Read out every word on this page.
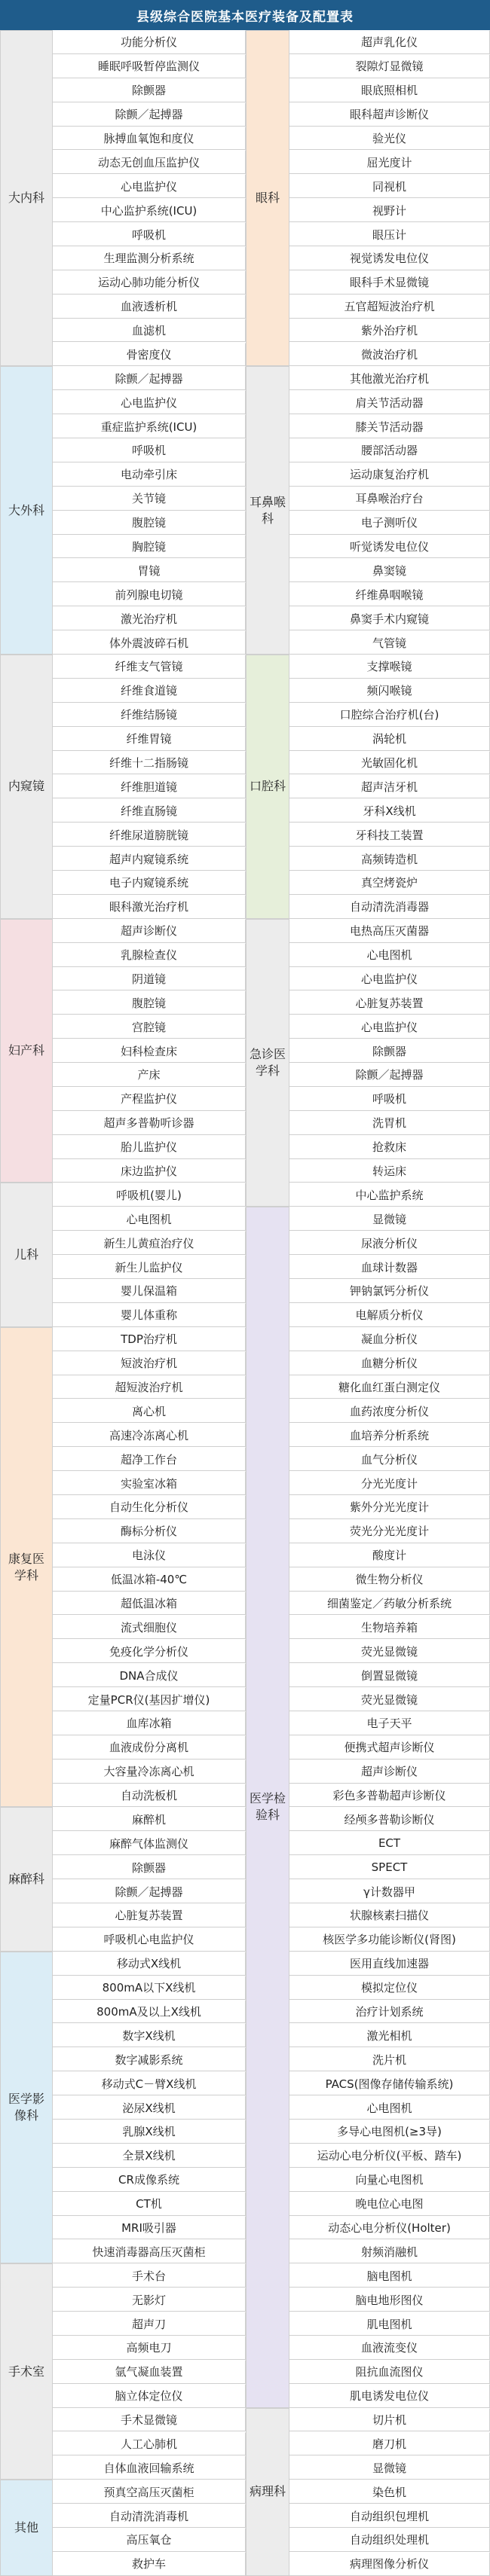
县级综合医院基本医疗装备及配置表
大内科
功能分析仪
睡眠呼吸暂停监测仪
除颤器
除颤／起搏器
脉搏血氧饱和度仪
动态无创血压监护仪
心电监护仪
中心监护系统(ICU)
呼吸机
生理监测分析系统
运动心肺功能分析仪
血液透析机
血滤机
骨密度仪
大外科
除颤／起搏器
心电监护仪
重症监护系统(ICU)
呼吸机
电动牵引床
关节镜
腹腔镜
胸腔镜
胃镜
前列腺电切镜
激光治疗机
体外震波碎石机
内窥镜
纤维支气管镜
纤维食道镜
纤维结肠镜
纤维胃镜
纤维十二指肠镜
纤维胆道镜
纤维直肠镜
纤维尿道膀胱镜
超声内窥镜系统
电子内窥镜系统
眼科激光治疗机
妇产科
超声诊断仪
乳腺检查仪
阴道镜
腹腔镜
宫腔镜
妇科检查床
产床
产程监护仪
超声多普勒听诊器
胎儿监护仪
床边监护仪
儿科
呼吸机(婴儿)
心电图机
新生儿黄疸治疗仪
新生儿监护仪
婴儿保温箱
婴儿体重称
康复医学科
TDP治疗机
短波治疗机
超短波治疗机
离心机
高速冷冻离心机
超净工作台
实验室冰箱
自动生化分析仪
酶标分析仪
电泳仪
低温冰箱-40℃
超低温冰箱
流式细胞仪
免疫化学分析仪
DNA合成仪
定量PCR仪(基因扩增仪)
血库冰箱
血液成份分离机
大容量冷冻离心机
自动洗板机
麻醉科
麻醉机
麻醉气体监测仪
除颤器
除颤／起搏器
心脏复苏装置
呼吸机心电监护仪
医学影像科
移动式X线机
800mA以下X线机
800mA及以上X线机
数字X线机
数字减影系统
移动式C－臂X线机
泌尿X线机
乳腺X线机
全景X线机
CR成像系统
CT机
MRI吸引器
快速消毒器高压灭菌柜
手术室
手术台
无影灯
超声刀
高频电刀
氩气凝血装置
脑立体定位仪
手术显微镜
人工心肺机
自体血液回输系统
其他
预真空高压灭菌柜
自动清洗消毒机
高压氧仓
救护车
眼科
超声乳化仪
裂隙灯显微镜
眼底照相机
眼科超声诊断仪
验光仪
屈光度计
同视机
视野计
眼压计
视觉诱发电位仪
眼科手术显微镜
五官超短波治疗机
紫外治疗机
微波治疗机
耳鼻喉科
其他激光治疗机
肩关节活动器
膝关节活动器
腰部活动器
运动康复治疗机
耳鼻喉治疗台
电子测听仪
听觉诱发电位仪
鼻窦镜
纤维鼻咽喉镜
鼻窦手术内窥镜
气管镜
口腔科
支撑喉镜
频闪喉镜
口腔综合治疗机(台)
涡轮机
光敏固化机
超声洁牙机
牙科X线机
牙科技工装置
高频铸造机
真空烤瓷炉
自动清洗消毒器
急诊医学科
电热高压灭菌器
心电图机
心电监护仪
心脏复苏装置
心电监护仪
除颤器
除颤／起搏器
呼吸机
洗胃机
抢救床
转运床
中心监护系统
医学检验科
显微镜
尿液分析仪
血球计数器
钾钠氯钙分析仪
电解质分析仪
凝血分析仪
血糖分析仪
糖化血红蛋白测定仪
血药浓度分析仪
血培养分析系统
血气分析仪
分光光度计
紫外分光光度计
荧光分光光度计
酸度计
微生物分析仪
细菌鉴定／药敏分析系统
生物培养箱
荧光显微镜
倒置显微镜
荧光显微镜
电子天平
便携式超声诊断仪
超声诊断仪
彩色多普勒超声诊断仪
经颅多普勒诊断仪
ECT
SPECT
γ计数器甲
状腺核素扫描仪
核医学多功能诊断仪(肾图)
医用直线加速器
模拟定位仪
治疗计划系统
激光相机
洗片机
PACS(图像存储传输系统)
心电图机
多导心电图机(≥3导)
运动心电分析仪(平板、踏车)
向量心电图机
晚电位心电图
动态心电分析仪(Holter)
射频消融机
脑电图机
脑电地形图仪
肌电图机
血液流变仪
阻抗血流图仪
肌电诱发电位仪
病理科
切片机
磨刀机
显微镜
染色机
自动组织包埋机
自动组织处理机
病理图像分析仪
